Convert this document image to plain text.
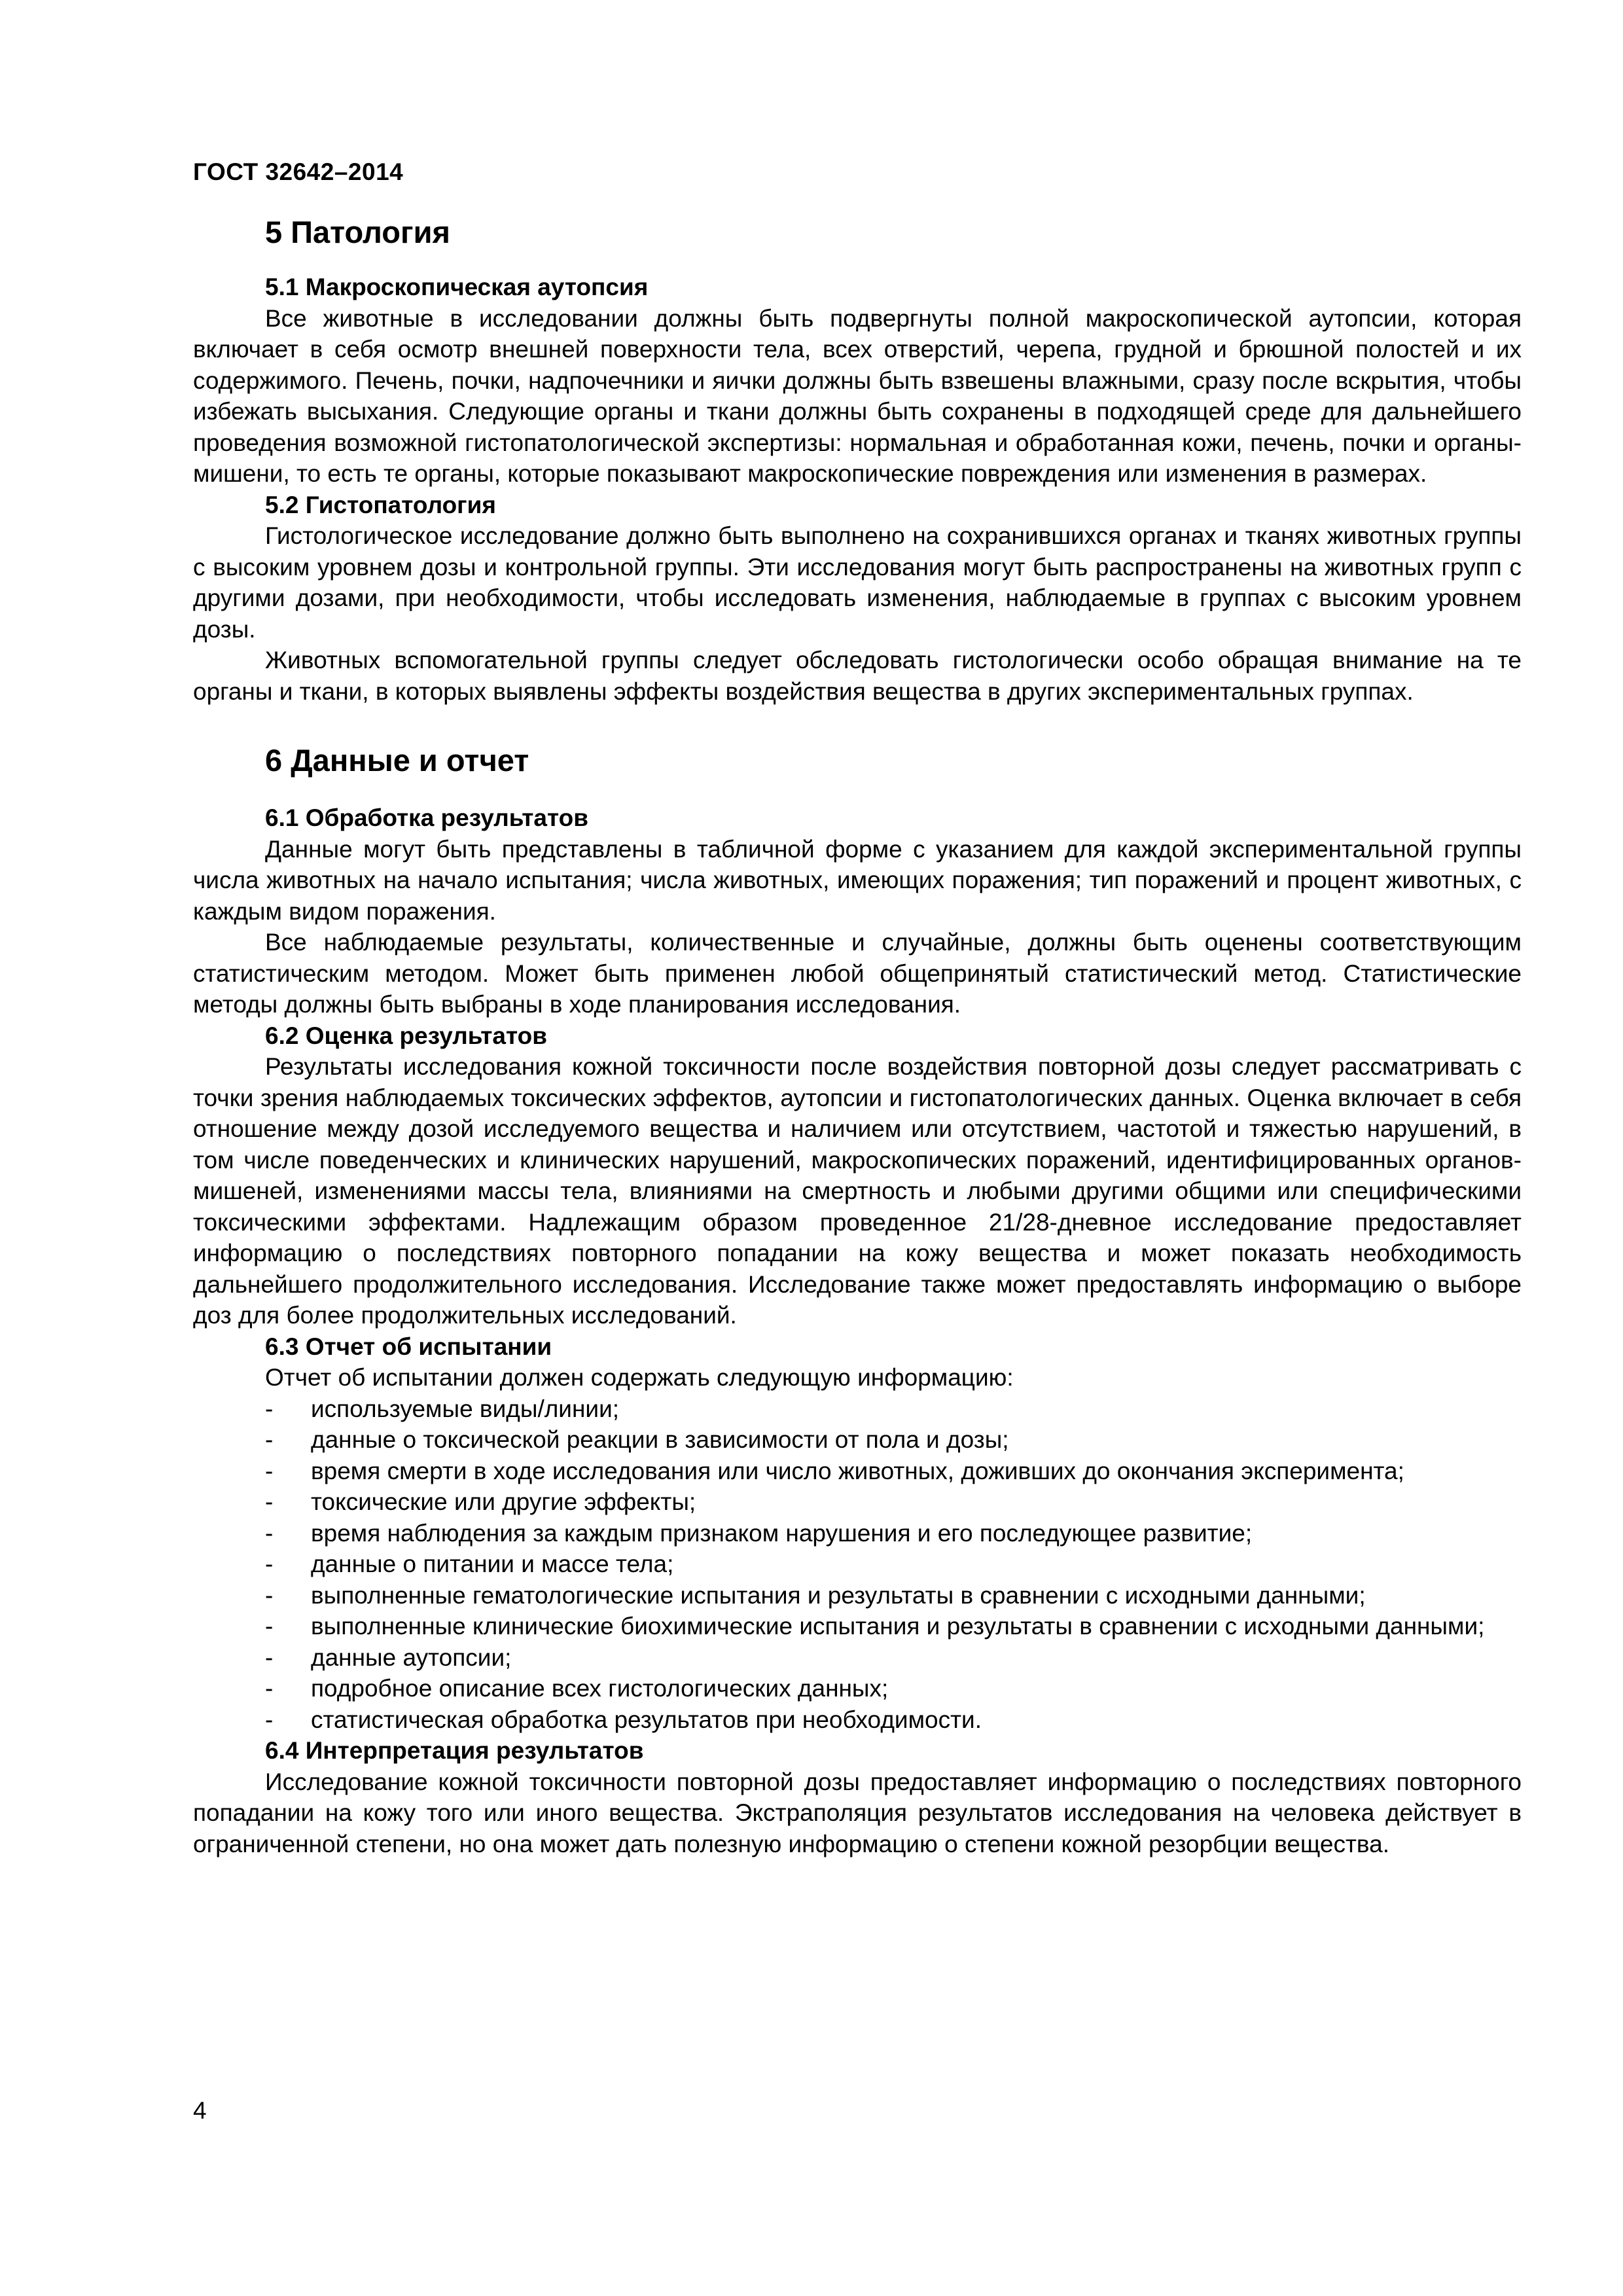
ГОСТ 32642–2014
5 Патология
5.1 Макроскопическая аутопсия

Все животные в исследовании должны быть подвергнуты полной макроскопической аутопсии, которая включает в себя осмотр внешней поверхности тела, всех отверстий, черепа, грудной и брюшной полостей и их содержимого. Печень, почки, надпочечники и яички должны быть взвешены влажными, сразу после вскрытия, чтобы избежать высыхания. Следующие органы и ткани должны быть сохранены в подходящей среде для дальнейшего проведения возможной гистопатологической экспертизы: нормальная и обработанная кожи, печень, почки и органы-мишени, то есть те органы, которые показывают макроскопические повреждения или изменения в размерах.

5.2 Гистопатология

Гистологическое исследование должно быть выполнено на сохранившихся органах и тканях животных группы с высоким уровнем дозы и контрольной группы. Эти исследования могут быть распространены на животных групп с другими дозами, при необходимости, чтобы исследовать изменения, наблюдаемые в группах с высоким уровнем дозы.

Животных вспомогательной группы следует обследовать гистологически особо обращая внимание на те органы и ткани, в которых выявлены эффекты воздействия вещества в других экспериментальных группах.

6 Данные и отчет
6.1 Обработка результатов

Данные могут быть представлены в табличной форме с указанием для каждой экспериментальной группы числа животных на начало испытания; числа животных, имеющих поражения; тип поражений и процент животных, с каждым видом поражения.

Все наблюдаемые результаты, количественные и случайные, должны быть оценены соответствующим статистическим методом. Может быть применен любой общепринятый статистический метод. Статистические методы должны быть выбраны в ходе планирования исследования.

6.2 Оценка результатов

Результаты исследования кожной токсичности после воздействия повторной дозы следует рассматривать с точки зрения наблюдаемых токсических эффектов, аутопсии и гистопатологических данных. Оценка включает в себя отношение между дозой исследуемого вещества и наличием или отсутствием, частотой и тяжестью нарушений, в том числе поведенческих и клинических нарушений, макроскопических поражений, идентифицированных органов-мишеней, изменениями массы тела, влияниями на смертность и любыми другими общими или специфическими токсическими эффектами. Надлежащим образом проведенное 21/28-дневное исследование предоставляет информацию о последствиях повторного попадании на кожу вещества и может показать необходимость дальнейшего продолжительного исследования. Исследование также может предоставлять информацию о выборе доз для более продолжительных исследований.

6.3 Отчет об испытании

Отчет об испытании должен содержать следующую информацию:

- используемые виды/линии;
- данные о токсической реакции в зависимости от пола и дозы;
- время смерти в ходе исследования или число животных, доживших до окончания эксперимента;
- токсические или другие эффекты;
- время наблюдения за каждым признаком нарушения и его последующее развитие;
- данные о питании и массе тела;
- выполненные гематологические испытания и результаты в сравнении с исходными данными;
- выполненные клинические биохимические испытания и результаты в сравнении с исходными данными;
- данные аутопсии;
- подробное описание всех гистологических данных;
- статистическая обработка результатов при необходимости.
6.4 Интерпретация результатов

Исследование кожной токсичности повторной дозы предоставляет информацию о последствиях повторного попадании на кожу того или иного вещества. Экстраполяция результатов исследования на человека действует в ограниченной степени, но она может дать полезную информацию о степени кожной резорбции вещества.

4
